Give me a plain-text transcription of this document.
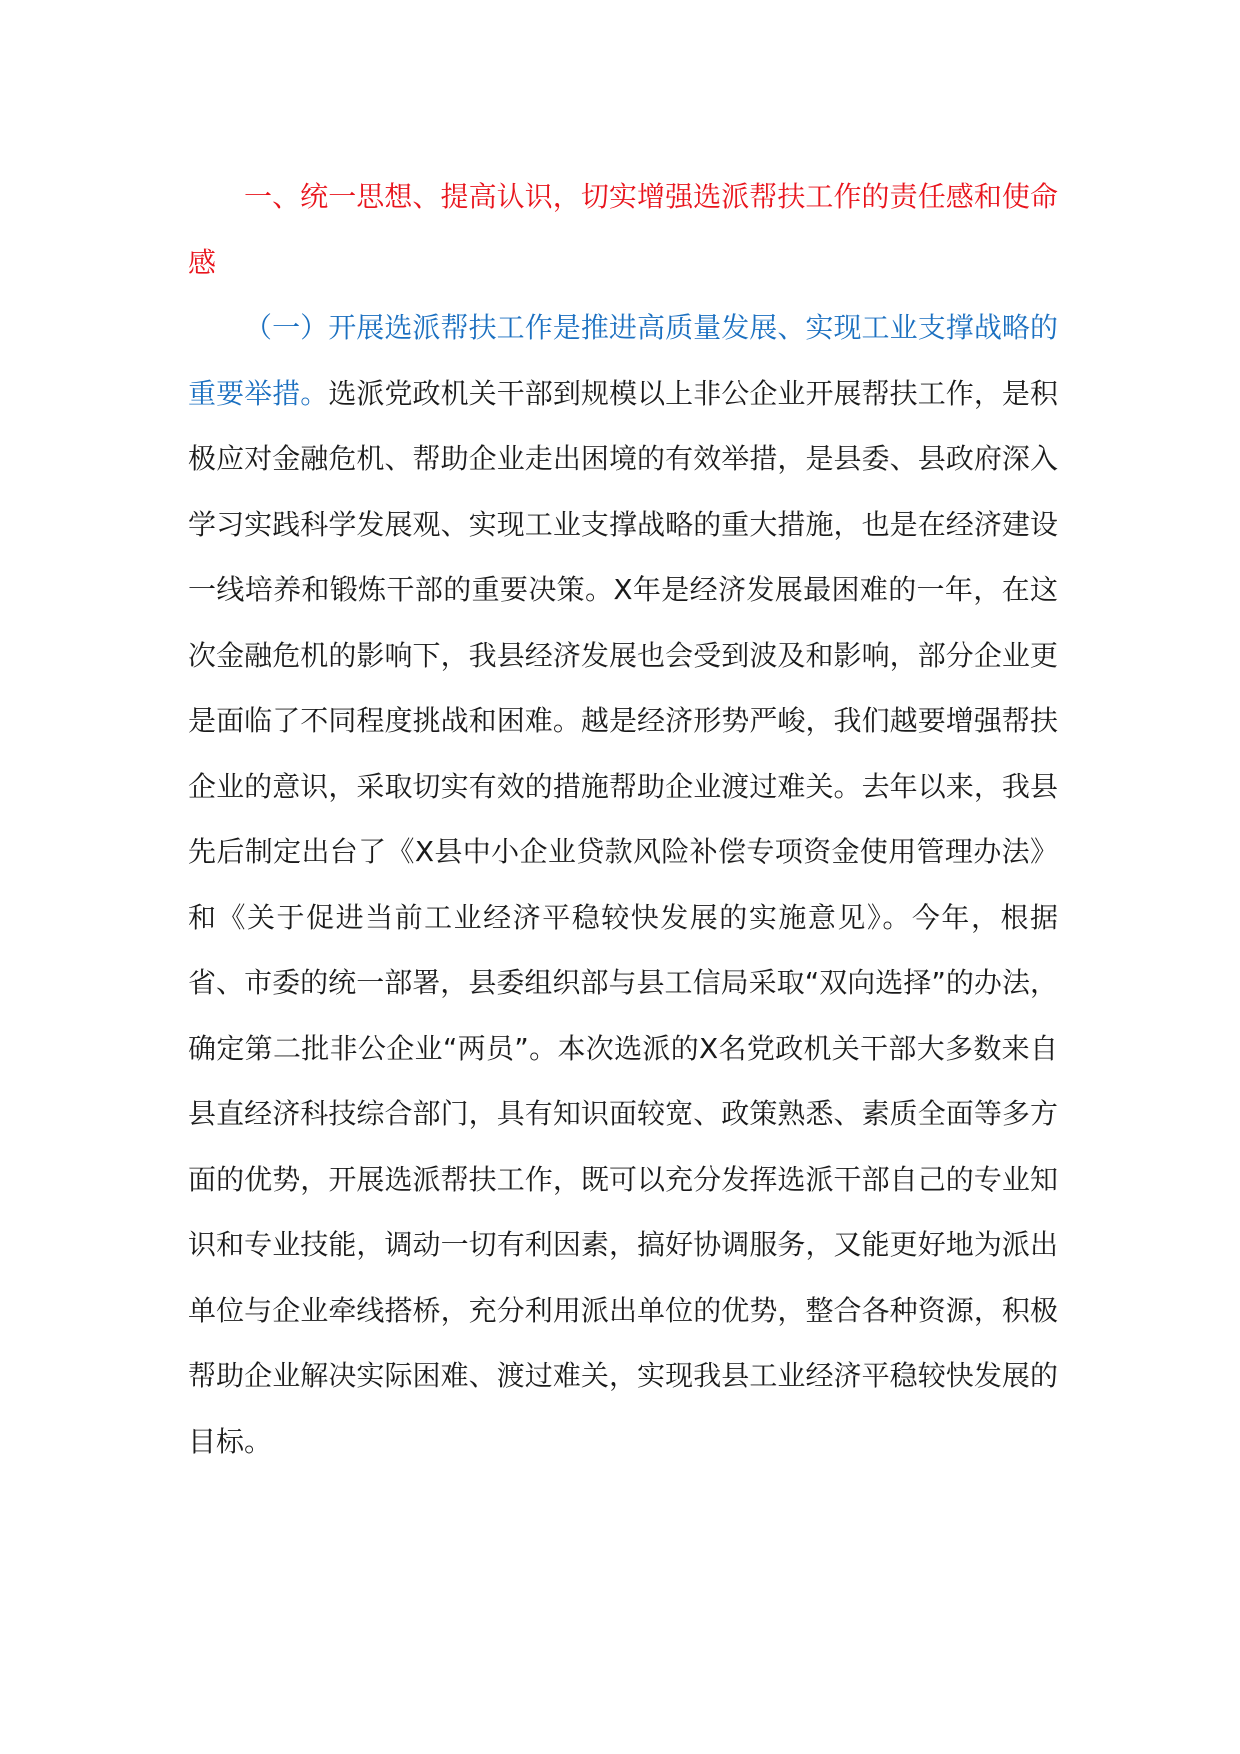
一、统一思想、提高认识，切实增强选派帮扶工作的责任感和使命感

（一）开展选派帮扶工作是推进高质量发展、实现工业支撑战略的重要举措。选派党政机关干部到规模以上非公企业开展帮扶工作，是积极应对金融危机、帮助企业走出困境的有效举措，是县委、县政府深入学习实践科学发展观、实现工业支撑战略的重大措施，也是在经济建设一线培养和锻炼干部的重要决策。X年是经济发展最困难的一年，在这次金融危机的影响下，我县经济发展也会受到波及和影响，部分企业更是面临了不同程度挑战和困难。越是经济形势严峻，我们越要增强帮扶企业的意识，采取切实有效的措施帮助企业渡过难关。去年以来，我县先后制定出台了《X县中小企业贷款风险补偿专项资金使用管理办法》和《关于促进当前工业经济平稳较快发展的实施意见》。今年，根据省、市委的统一部署，县委组织部与县工信局采取“双向选择”的办法，确定第二批非公企业“两员”。本次选派的X名党政机关干部大多数来自县直经济科技综合部门，具有知识面较宽、政策熟悉、素质全面等多方面的优势，开展选派帮扶工作，既可以充分发挥选派干部自己的专业知识和专业技能，调动一切有利因素，搞好协调服务，又能更好地为派出单位与企业牵线搭桥，充分利用派出单位的优势，整合各种资源，积极帮助企业解决实际困难、渡过难关，实现我县工业经济平稳较快发展的目标。
